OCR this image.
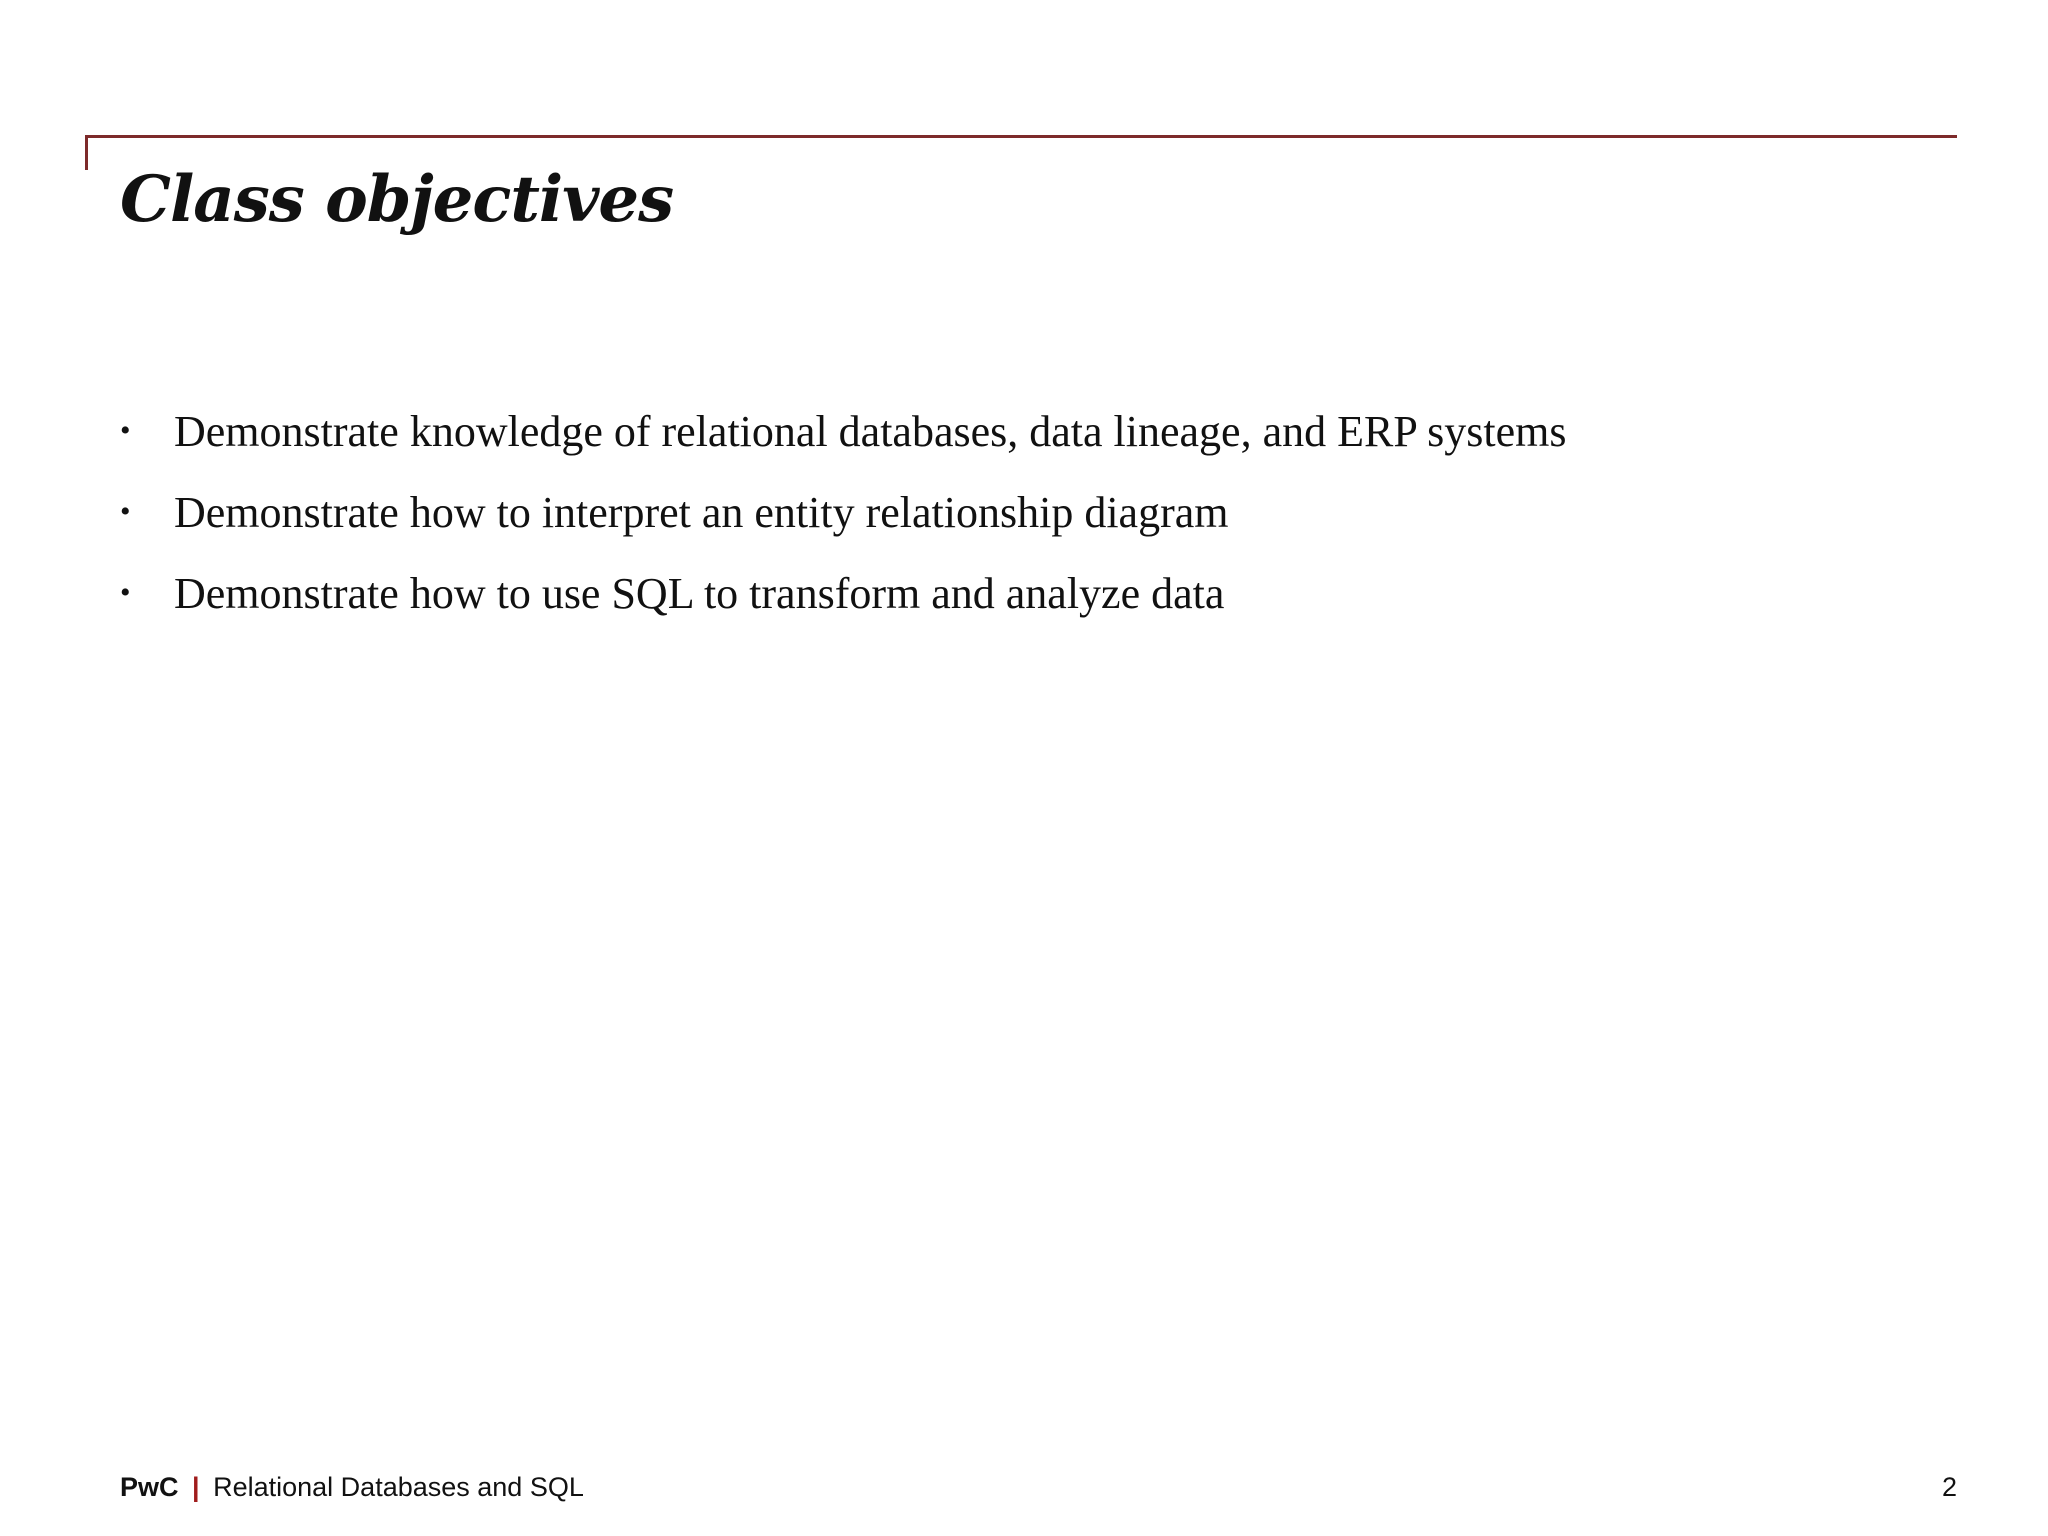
Class objectives
• Demonstrate knowledge of relational databases, data lineage, and ERP systems
• Demonstrate how to interpret an entity relationship diagram
• Demonstrate how to use SQL to transform and analyze data
PwC | Relational Databases and SQL	2
